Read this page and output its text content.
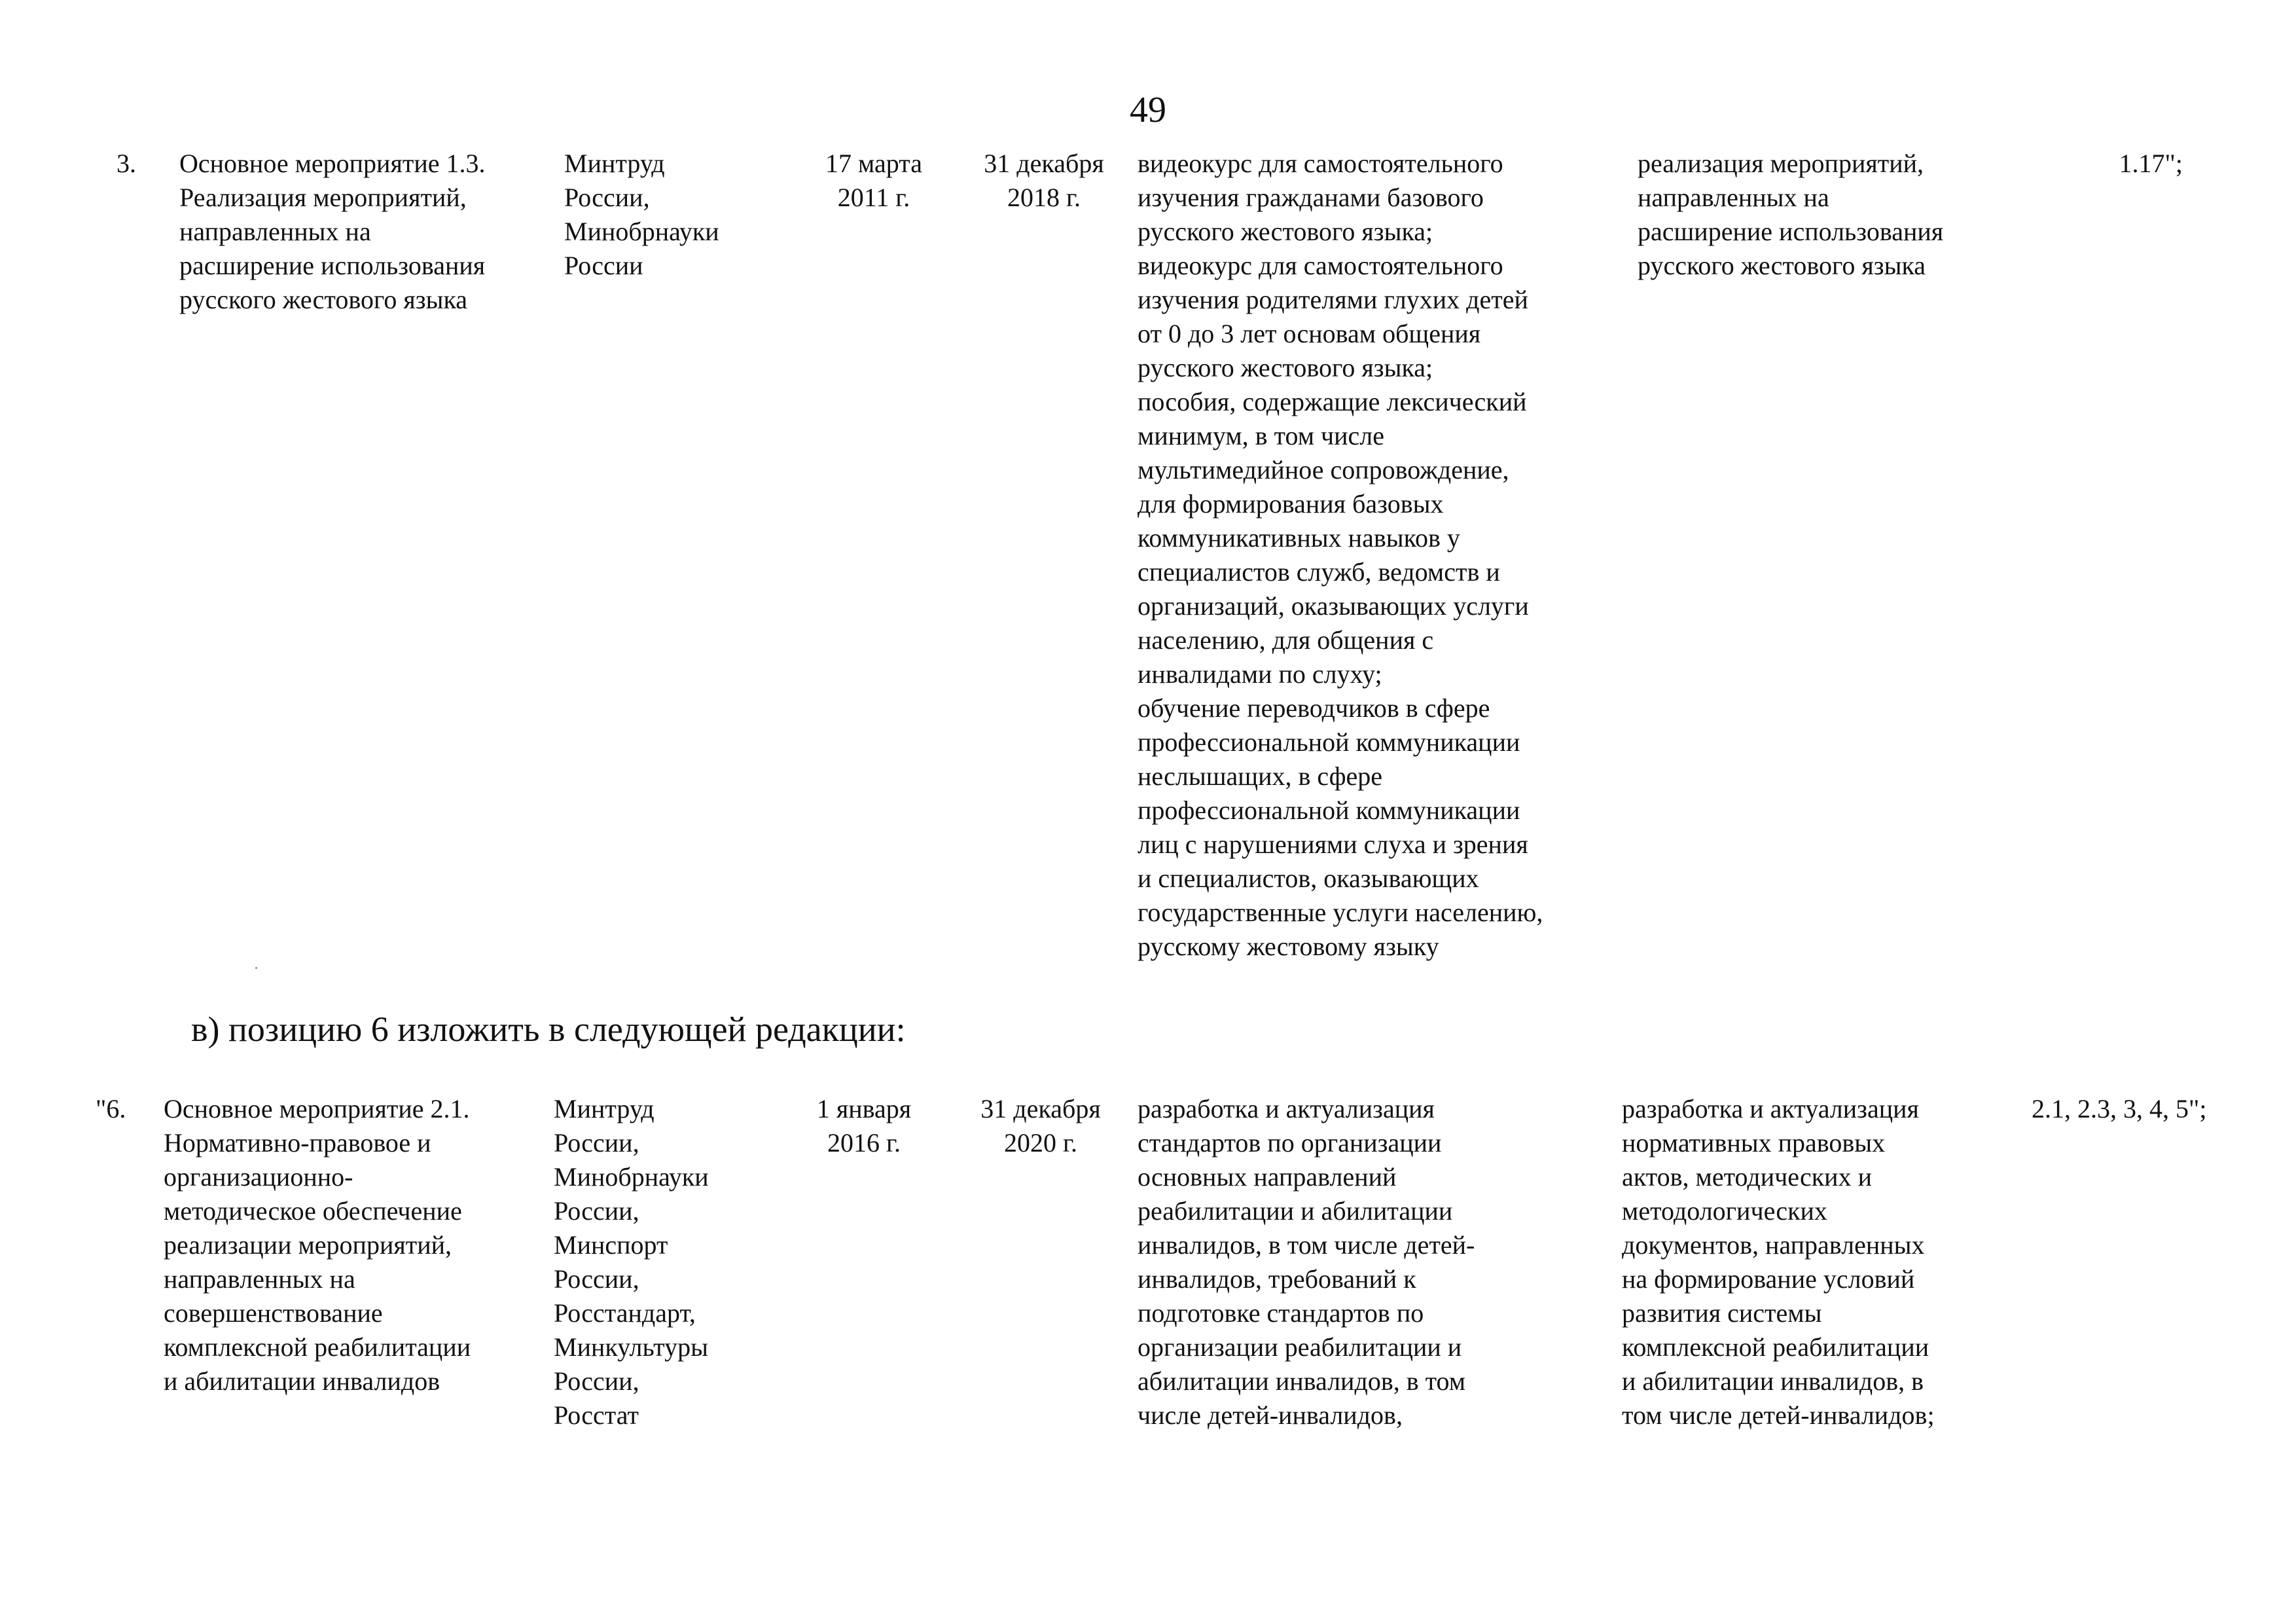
49
3.	Основное мероприятие 1.3.
Реализация мероприятий,
направленных на
расширение использования
русского жестового языка
Минтруд
России,
Минобрнауки
России
17 марта
2011 г.
31 декабря
2018 г.
видеокурс для самостоятельного
изучения гражданами базового
русского жестового языка;
видеокурс для самостоятельного
изучения родителями глухих детей
от 0 до 3 лет основам общения
русского жестового языка;
пособия, содержащие лексический
минимум, в том числе
мультимедийное сопровождение,
для формирования базовых
коммуникативных навыков у
специалистов служб, ведомств и
организаций, оказывающих услуги
населению, для общения с
инвалидами по слуху;
обучение переводчиков в сфере
профессиональной коммуникации
неслышащих, в сфере
профессиональной коммуникации
лиц с нарушениями слуха и зрения
и специалистов, оказывающих
государственные услуги населению,
русскому жестовому языку
реализация мероприятий,
направленных на
расширение использования
русского жестового языка
1.17";
в) позицию 6 изложить в следующей редакции:
"6.	Основное мероприятие 2.1.
Нормативно-правовое и
организационно-
методическое обеспечение
реализации мероприятий,
направленных на
совершенствование
комплексной реабилитации
и абилитации инвалидов
Минтруд
России,
Минобрнауки
России,
Минспорт
России,
Росстандарт,
Минкультуры
России,
Росстат
1 января
2016 г.
31 декабря
2020 г.
разработка и актуализация
стандартов по организации
основных направлений
реабилитации и абилитации
инвалидов, в том числе детей-
инвалидов, требований к
подготовке стандартов по
организации реабилитации и
абилитации инвалидов, в том
числе детей-инвалидов,
разработка и актуализация
нормативных правовых
актов, методических и
методологических
документов, направленных
на формирование условий
развития системы
комплексной реабилитации
и абилитации инвалидов, в
том числе детей-инвалидов;
2.1, 2.3, 3, 4, 5";
